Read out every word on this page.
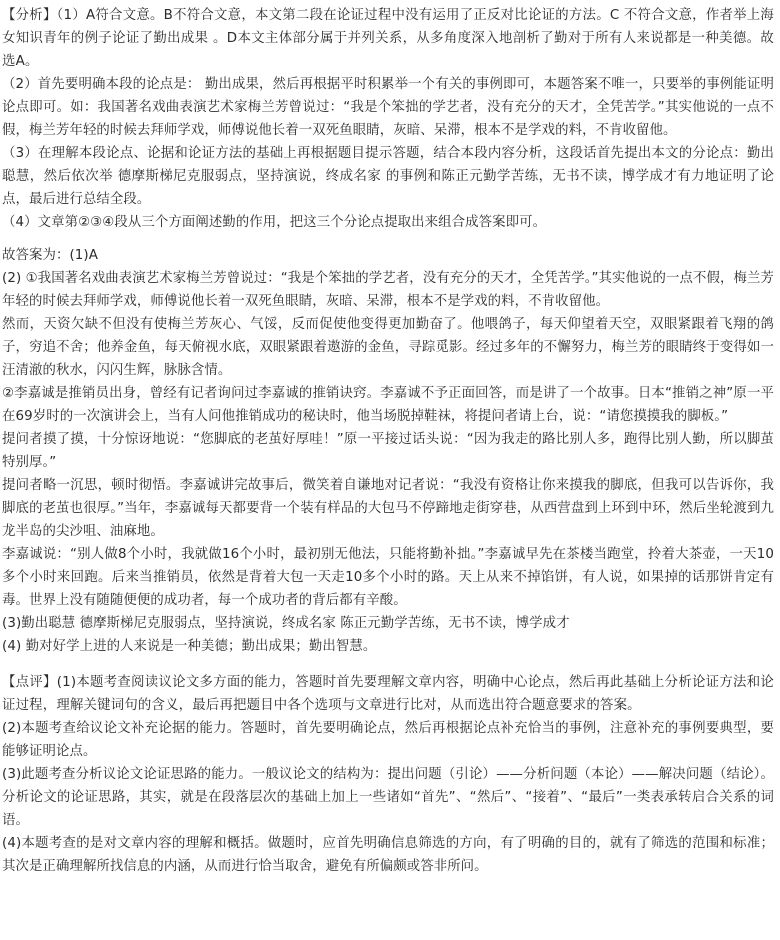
【分析】（1）A符合文意。B不符合文意，本文第二段在论证过程中没有运用了正反对比论证的方法。C 不符合文意，作者举上海女知识青年的例子论证了勤出成果 。D本文主体部分属于并列关系，从多角度深入地剖析了勤对于所有人来说都是一种美德。故选A。

（2）首先要明确本段的论点是： 勤出成果，然后再根据平时积累举一个有关的事例即可，本题答案不唯一，只要举的事例能证明论点即可。如：我国著名戏曲表演艺术家梅兰芳曾说过：“我是个笨拙的学艺者，没有充分的天才，全凭苦学。”其实他说的一点不假，梅兰芳年轻的时候去拜师学戏，师傅说他长着一双死鱼眼睛，灰暗、呆滞，根本不是学戏的料，不肯收留他。

（3）在理解本段论点、论据和论证方法的基础上再根据题目提示答题，结合本段内容分析，这段话首先提出本文的分论点：勤出聪慧，然后依次举 德摩斯梯尼克服弱点，坚持演说，终成名家 的事例和陈正元勤学苦练，无书不读，博学成才有力地证明了论点，最后进行总结全段。

（4）文章第②③④段从三个方面阐述勤的作用，把这三个分论点提取出来组合成答案即可。

故答案为：(1)A

(2) ①我国著名戏曲表演艺术家梅兰芳曾说过：“我是个笨拙的学艺者，没有充分的天才，全凭苦学。”其实他说的一点不假，梅兰芳年轻的时候去拜师学戏，师傅说他长着一双死鱼眼睛，灰暗、呆滞，根本不是学戏的料，不肯收留他。

然而，天资欠缺不但没有使梅兰芳灰心、气馁，反而促使他变得更加勤奋了。他喂鸽子，每天仰望着天空，双眼紧跟着飞翔的鸽子，穷追不舍；他养金鱼，每天俯视水底，双眼紧跟着遨游的金鱼，寻踪觅影。经过多年的不懈努力，梅兰芳的眼睛终于变得如一汪清澈的秋水，闪闪生辉，脉脉含情。

②李嘉诚是推销员出身，曾经有记者询问过李嘉诚的推销诀窍。李嘉诚不予正面回答，而是讲了一个故事。日本“推销之神”原一平在69岁时的一次演讲会上，当有人问他推销成功的秘诀时，他当场脱掉鞋袜，将提问者请上台，说：“请您摸摸我的脚板。”

提问者摸了摸，十分惊讶地说：“您脚底的老茧好厚哇！”原一平接过话头说：“因为我走的路比别人多，跑得比别人勤，所以脚茧特别厚。”

提问者略一沉思，顿时彻悟。李嘉诚讲完故事后，微笑着自谦地对记者说：“我没有资格让你来摸我的脚底，但我可以告诉你，我脚底的老茧也很厚。”当年，李嘉诚每天都要背一个装有样品的大包马不停蹄地走街穿巷，从西营盘到上环到中环，然后坐轮渡到九龙半岛的尖沙咀、油麻地。

李嘉诚说：“别人做8个小时，我就做16个小时，最初别无他法，只能将勤补拙。”李嘉诚早先在茶楼当跑堂，拎着大茶壶，一天10多个小时来回跑。后来当推销员，依然是背着大包一天走10多个小时的路。天上从来不掉馅饼，有人说，如果掉的话那饼肯定有毒。世界上没有随随便便的成功者，每一个成功者的背后都有辛酸。

(3)勤出聪慧 德摩斯梯尼克服弱点，坚持演说，终成名家 陈正元勤学苦练，无书不读，博学成才

(4) 勤对好学上进的人来说是一种美德；勤出成果；勤出智慧。

【点评】(1)本题考查阅读议论文多方面的能力，答题时首先要理解文章内容，明确中心论点，然后再此基础上分析论证方法和论证过程，理解关键词句的含义，最后再把题目中各个选项与文章进行比对，从而选出符合题意要求的答案。

(2)本题考查给议论文补充论据的能力。答题时，首先要明确论点，然后再根据论点补充恰当的事例，注意补充的事例要典型，要能够证明论点。

(3)此题考查分析议论文论证思路的能力。一般议论文的结构为：提出问题（引论）——分析问题（本论）——解决问题（结论）。分析论文的论证思路，其实，就是在段落层次的基础上加上一些诸如“首先”、“然后”、“接着”、“最后”一类表承转启合关系的词语。

(4)本题考查的是对文章内容的理解和概括。做题时，应首先明确信息筛选的方向，有了明确的目的，就有了筛选的范围和标准；其次是正确理解所找信息的内涵，从而进行恰当取舍，避免有所偏颇或答非所问。
